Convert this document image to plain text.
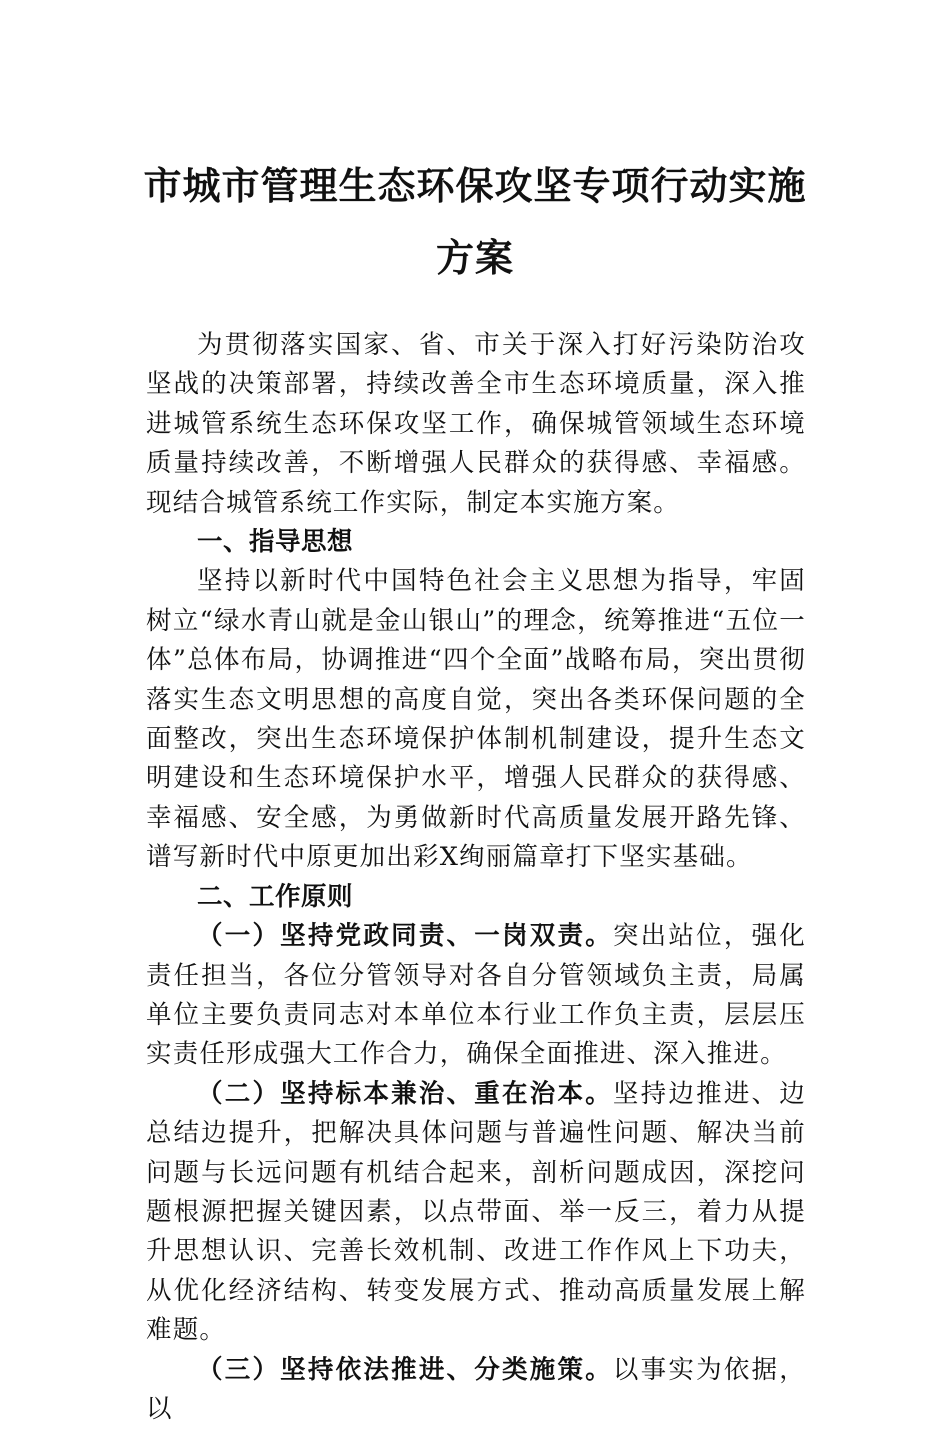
市城市管理生态环保攻坚专项行动实施方案

为贯彻落实国家、省、市关于深入打好污染防治攻坚战的决策部署，持续改善全市生态环境质量，深入推进城管系统生态环保攻坚工作，确保城管领域生态环境质量持续改善，不断增强人民群众的获得感、幸福感。现结合城管系统工作实际，制定本实施方案。

一、指导思想

坚持以新时代中国特色社会主义思想为指导，牢固树立“绿水青山就是金山银山”的理念，统筹推进“五位一体”总体布局，协调推进“四个全面”战略布局，突出贯彻落实生态文明思想的高度自觉，突出各类环保问题的全面整改，突出生态环境保护体制机制建设，提升生态文明建设和生态环境保护水平，增强人民群众的获得感、幸福感、安全感，为勇做新时代高质量发展开路先锋、谱写新时代中原更加出彩X绚丽篇章打下坚实基础。

二、工作原则

（一）坚持党政同责、一岗双责。突出站位，强化责任担当，各位分管领导对各自分管领域负主责，局属单位主要负责同志对本单位本行业工作负主责，层层压实责任形成强大工作合力，确保全面推进、深入推进。

（二）坚持标本兼治、重在治本。坚持边推进、边总结边提升，把解决具体问题与普遍性问题、解决当前问题与长远问题有机结合起来，剖析问题成因，深挖问题根源把握关键因素，以点带面、举一反三，着力从提升思想认识、完善长效机制、改进工作作风上下功夫，从优化经济结构、转变发展方式、推动高质量发展上解难题。

（三）坚持依法推进、分类施策。以事实为依据，以
